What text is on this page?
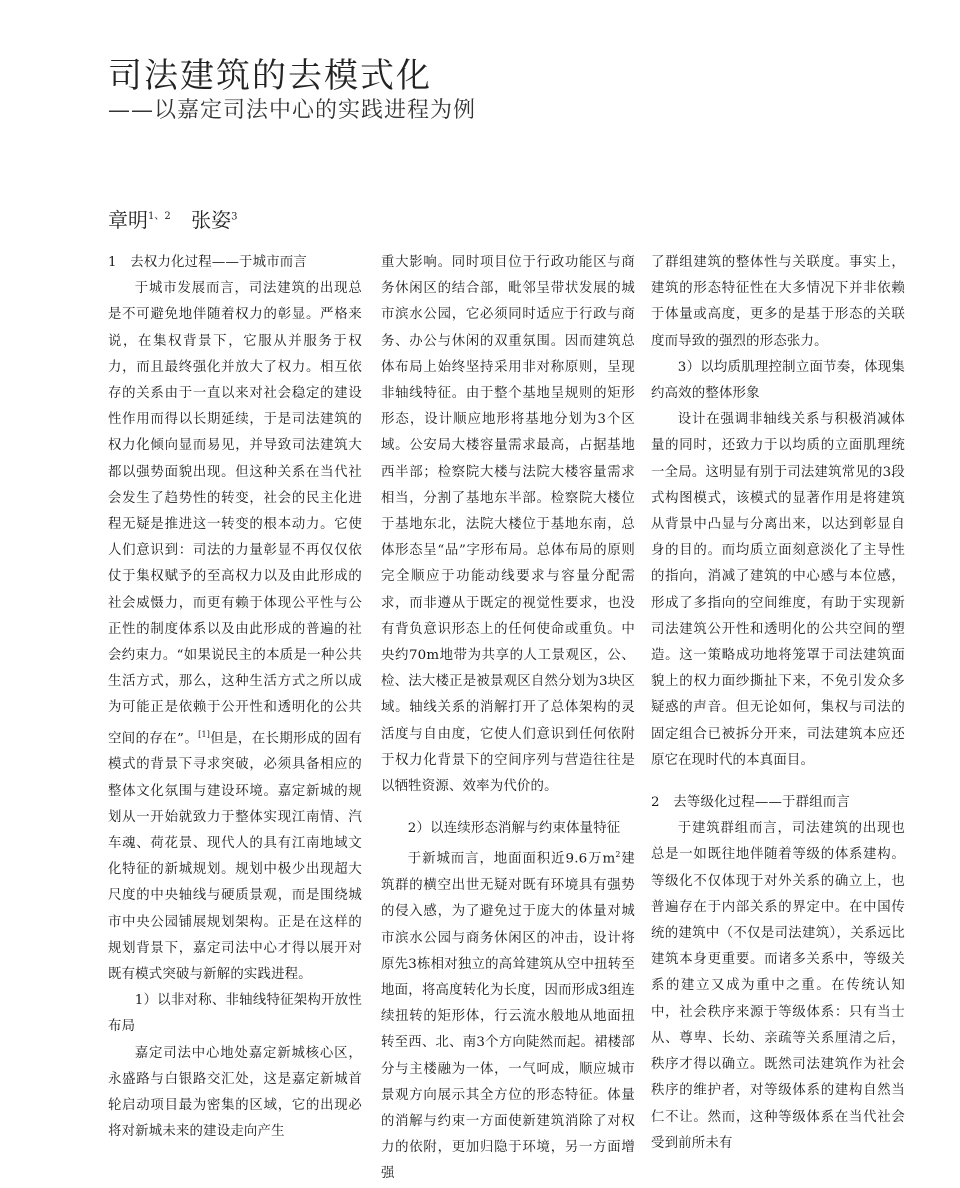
司法建筑的去模式化
——以嘉定司法中心的实践进程为例
章明$^{1、2}$ 张姿$^3$
1　去权力化过程——于城市而言

于城市发展而言，司法建筑的出现总是不可避免地伴随着权力的彰显。严格来说，在集权背景下，它服从并服务于权力，而且最终强化并放大了权力。相互依存的关系由于一直以来对社会稳定的建设性作用而得以长期延续，于是司法建筑的权力化倾向显而易见，并导致司法建筑大都以强势面貌出现。但这种关系在当代社会发生了趋势性的转变，社会的民主化进程无疑是推进这一转变的根本动力。它使人们意识到：司法的力量彰显不再仅仅依仗于集权赋予的至高权力以及由此形成的社会威慑力，而更有赖于体现公平性与公正性的制度体系以及由此形成的普遍的社会约束力。“如果说民主的本质是一种公共生活方式，那么，这种生活方式之所以成为可能正是依赖于公开性和透明化的公共空间的存在”。[1]但是，在长期形成的固有模式的背景下寻求突破，必须具备相应的整体文化氛围与建设环境。嘉定新城的规划从一开始就致力于整体实现江南情、汽车魂、荷花景、现代人的具有江南地域文化特征的新城规划。规划中极少出现超大尺度的中央轴线与硬质景观，而是围绕城市中央公园铺展规划架构。正是在这样的规划背景下，嘉定司法中心才得以展开对既有模式突破与新解的实践进程。

1）以非对称、非轴线特征架构开放性布局

嘉定司法中心地处嘉定新城核心区，永盛路与白银路交汇处，这是嘉定新城首轮启动项目最为密集的区域，它的出现必将对新城未来的建设走向产生

重大影响。同时项目位于行政功能区与商务休闲区的结合部，毗邻呈带状发展的城市滨水公园，它必须同时适应于行政与商务、办公与休闲的双重氛围。因而建筑总体布局上始终坚持采用非对称原则，呈现非轴线特征。由于整个基地呈规则的矩形形态，设计顺应地形将基地分划为3个区域。公安局大楼容量需求最高，占据基地西半部；检察院大楼与法院大楼容量需求相当，分割了基地东半部。检察院大楼位于基地东北，法院大楼位于基地东南，总体形态呈“品”字形布局。总体布局的原则完全顺应于功能动线要求与容量分配需求，而非遵从于既定的视觉性要求，也没有背负意识形态上的任何使命或重负。中央约70m地带为共享的人工景观区，公、检、法大楼正是被景观区自然分划为3块区域。轴线关系的消解打开了总体架构的灵活度与自由度，它使人们意识到任何依附于权力化背景下的空间序列与营造往往是以牺牲资源、效率为代价的。

2）以连续形态消解与约束体量特征

于新城而言，地面面积近9.6万$m^2$建筑群的横空出世无疑对既有环境具有强势的侵入感，为了避免过于庞大的体量对城市滨水公园与商务休闲区的冲击，设计将原先3栋相对独立的高耸建筑从空中扭转至地面，将高度转化为长度，因而形成3组连续扭转的矩形体，行云流水般地从地面扭转至西、北、南3个方向陡然而起。裙楼部分与主楼融为一体，一气呵成，顺应城市景观方向展示其全方位的形态特征。体量的消解与约束一方面使新建筑消除了对权力的依附，更加归隐于环境，另一方面增强

了群组建筑的整体性与关联度。事实上，建筑的形态特征性在大多情况下并非依赖于体量或高度，更多的是基于形态的关联度而导致的强烈的形态张力。

3）以均质肌理控制立面节奏，体现集约高效的整体形象

设计在强调非轴线关系与积极消减体量的同时，还致力于以均质的立面肌理统一全局。这明显有别于司法建筑常见的3段式构图模式，该模式的显著作用是将建筑从背景中凸显与分离出来，以达到彰显自身的目的。而均质立面刻意淡化了主导性的指向，消减了建筑的中心感与本位感，形成了多指向的空间维度，有助于实现新司法建筑公开性和透明化的公共空间的塑造。这一策略成功地将笼罩于司法建筑面貌上的权力面纱撕扯下来，不免引发众多疑惑的声音。但无论如何，集权与司法的固定组合已被拆分开来，司法建筑本应还原它在现时代的本真面目。

2　去等级化过程——于群组而言

于建筑群组而言，司法建筑的出现也总是一如既往地伴随着等级的体系建构。等级化不仅体现于对外关系的确立上，也普遍存在于内部关系的界定中。在中国传统的建筑中（不仅是司法建筑），关系远比建筑本身更重要。而诸多关系中，等级关系的建立又成为重中之重。在传统认知中，社会秩序来源于等级体系：只有当士从、尊卑、长幼、亲疏等关系厘清之后，秩序才得以确立。既然司法建筑作为社会秩序的维护者，对等级体系的建构自然当仁不让。然而，这种等级体系在当代社会受到前所未有
